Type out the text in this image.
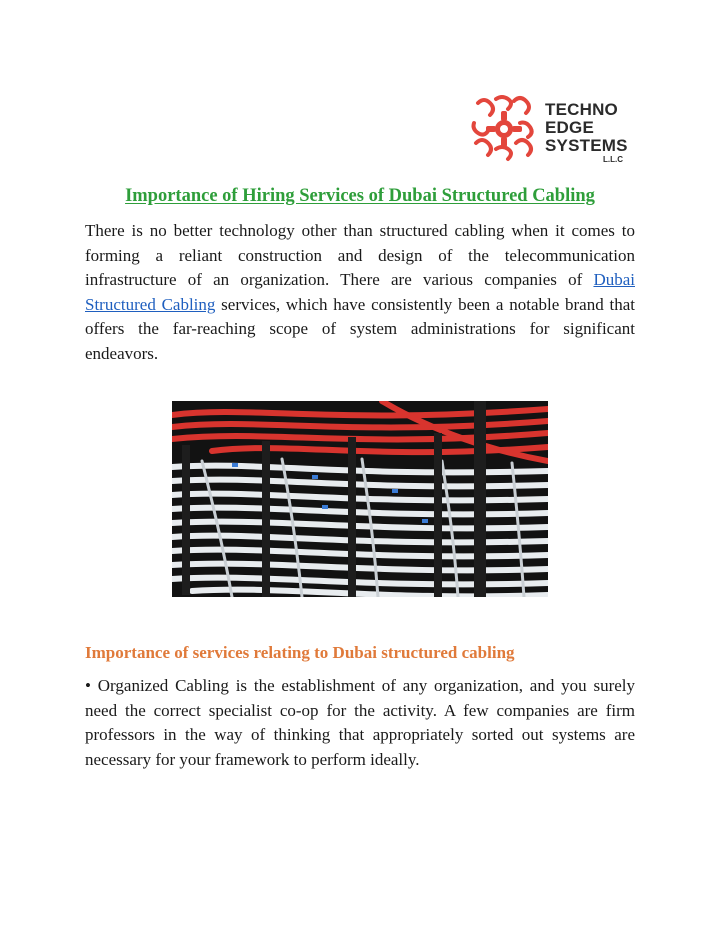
TECHNO
EDGE
SYSTEMS
L.L.C
Importance of Hiring Services of Dubai Structured Cabling

There is no better technology other than structured cabling when it comes to forming a reliant construction and design of the telecommunication infrastructure of an organization. There are various companies of Dubai Structured Cabling services, which have consistently been a notable brand that offers the far-reaching scope of system administrations for significant endeavors.

Importance of services relating to Dubai structured cabling

• Organized Cabling is the establishment of any organization, and you surely need the correct specialist co-op for the activity. A few companies are firm professors in the way of thinking that appropriately sorted out systems are necessary for your framework to perform ideally.
